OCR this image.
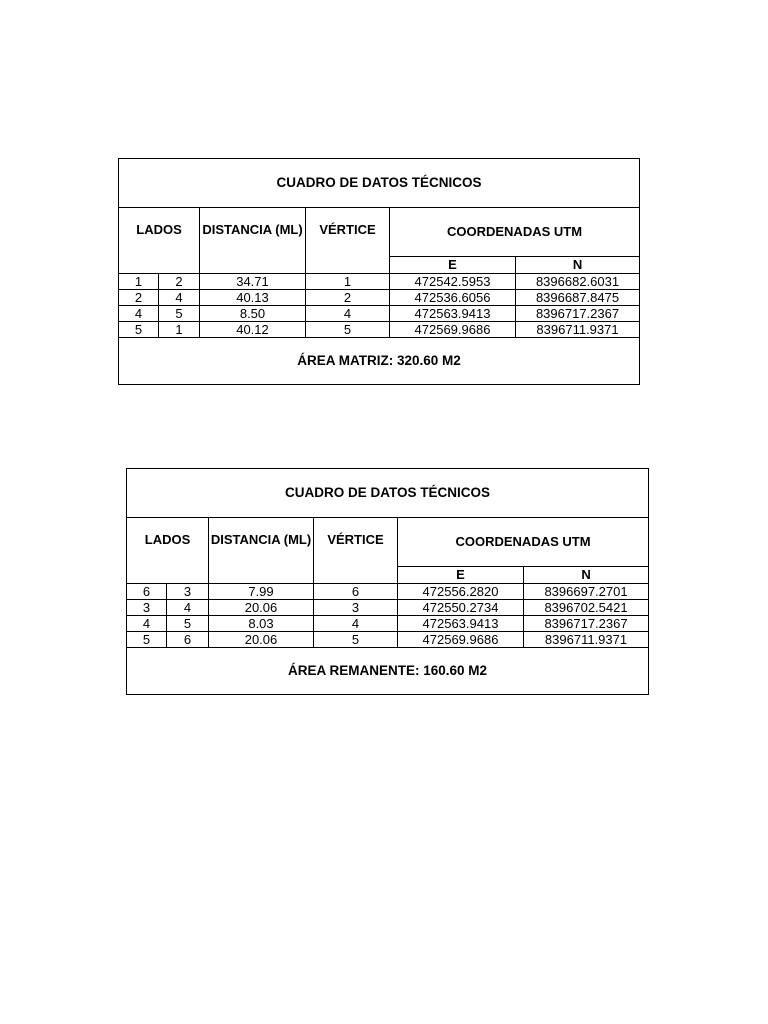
CUADRO DE DATOS TÉCNICOS					
LADOS		DISTANCIA (ML)	VÉRTICE	COORDENADAS UTM	
				E	N
1	2	34.71	1	472542.5953	8396682.6031
2	4	40.13	2	472536.6056	8396687.8475
4	5	8.50	4	472563.9413	8396717.2367
5	1	40.12	5	472569.9686	8396711.9371
ÁREA MATRIZ: 320.60 M2					
CUADRO DE DATOS TÉCNICOS					
LADOS		DISTANCIA (ML)	VÉRTICE	COORDENADAS UTM	
				E	N
6	3	7.99	6	472556.2820	8396697.2701
3	4	20.06	3	472550.2734	8396702.5421
4	5	8.03	4	472563.9413	8396717.2367
5	6	20.06	5	472569.9686	8396711.9371
ÁREA REMANENTE: 160.60 M2					
